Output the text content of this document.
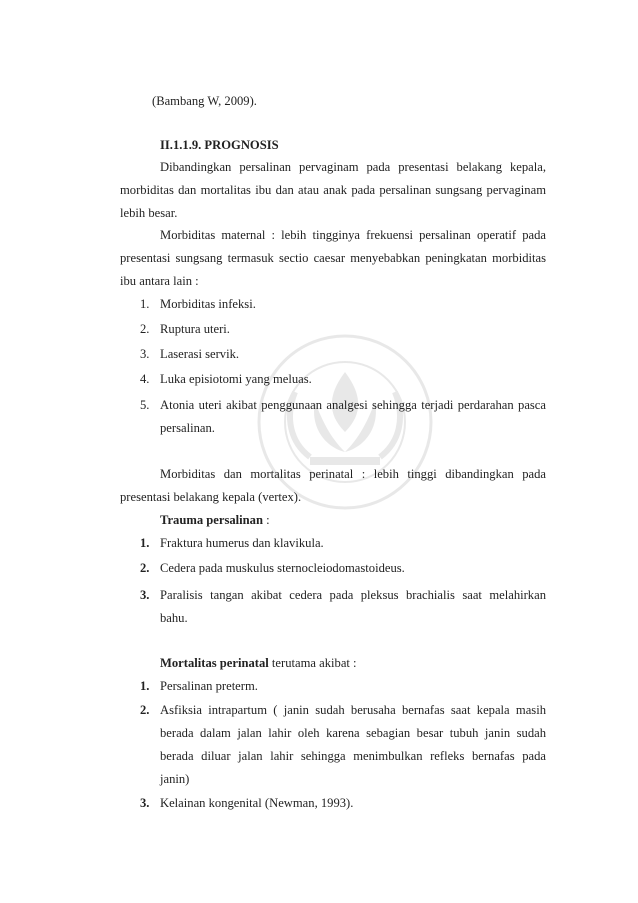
(Bambang W, 2009).
II.1.1.9. PROGNOSIS
Dibandingkan persalinan pervaginam pada presentasi belakang kepala,
morbiditas dan mortalitas ibu dan atau anak pada persalinan sungsang pervaginam
lebih besar.
Morbiditas maternal : lebih tingginya frekuensi persalinan operatif pada
presentasi sungsang termasuk sectio caesar menyebabkan peningkatan morbiditas
ibu antara lain :
1. Morbiditas infeksi.
2. Ruptura uteri.
3. Laserasi servik.
4. Luka episiotomi yang meluas.
5. Atonia uteri akibat penggunaan analgesi sehingga terjadi perdarahan pasca
persalinan.
Morbiditas dan mortalitas perinatal : lebih tinggi dibandingkan pada
presentasi belakang kepala (vertex).
Trauma persalinan :
1. Fraktura humerus dan klavikula.
2. Cedera pada muskulus sternocleiodomastoideus.
3. Paralisis tangan akibat cedera pada pleksus brachialis saat melahirkan
bahu.
Mortalitas perinatal terutama akibat :
1. Persalinan preterm.
2. Asfiksia intrapartum ( janin sudah berusaha bernafas saat kepala masih
berada dalam jalan lahir oleh karena sebagian besar tubuh janin sudah
berada diluar jalan lahir sehingga menimbulkan refleks bernafas pada
janin)
3. Kelainan kongenital (Newman, 1993).
